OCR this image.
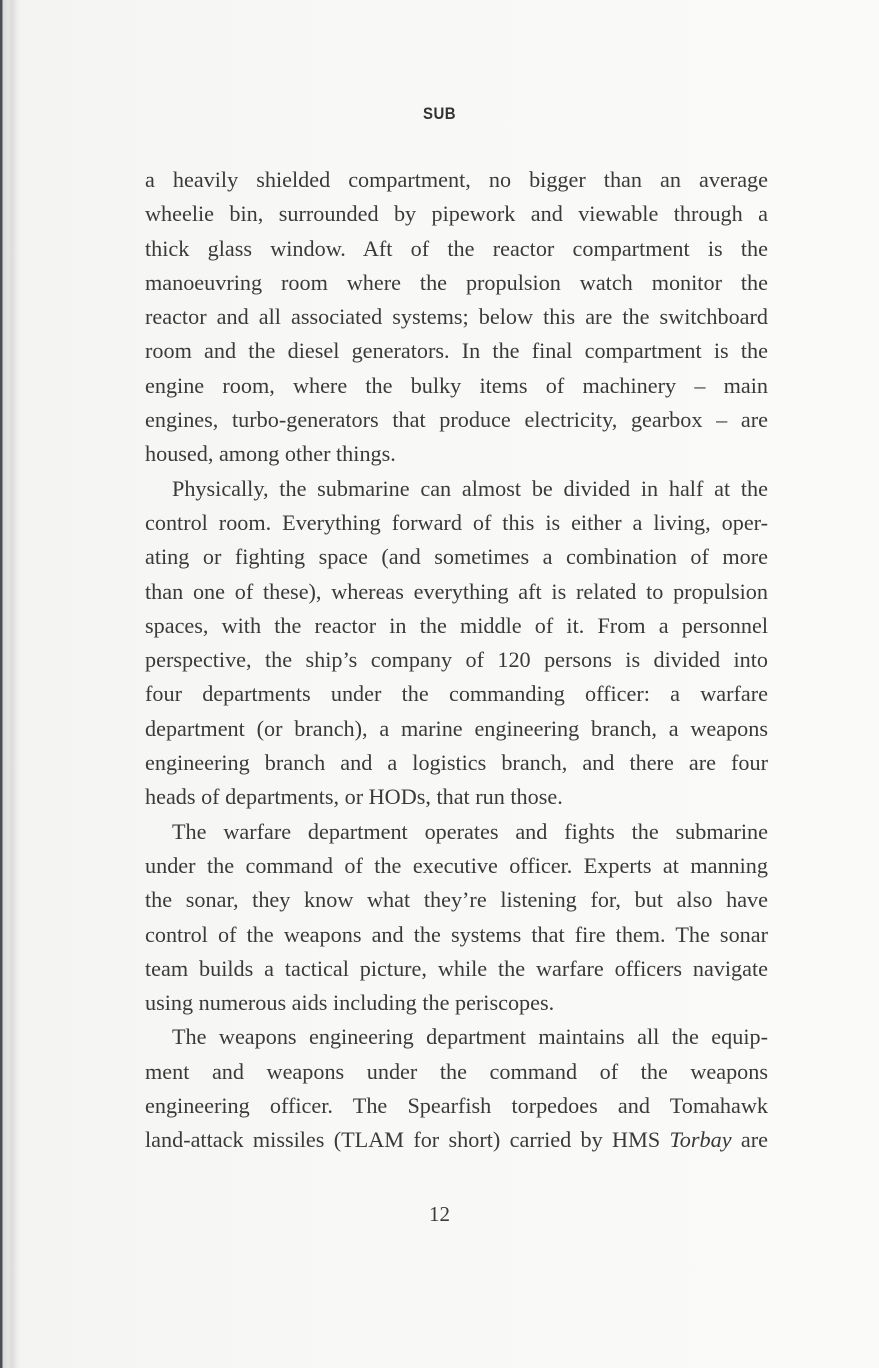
SUB
a heavily shielded compartment, no bigger than an average
wheelie bin, surrounded by pipework and viewable through a
thick glass window. Aft of the reactor compartment is the
manoeuvring room where the propulsion watch monitor the
reactor and all associated systems; below this are the switchboard
room and the diesel generators. In the final compartment is the
engine room, where the bulky items of machinery – main
engines, turbo-generators that produce electricity, gearbox – are
housed, among other things.
Physically, the submarine can almost be divided in half at the
control room. Everything forward of this is either a living, oper-
ating or fighting space (and sometimes a combination of more
than one of these), whereas everything aft is related to propulsion
spaces, with the reactor in the middle of it. From a personnel
perspective, the ship’s company of 120 persons is divided into
four departments under the commanding officer: a warfare
department (or branch), a marine engineering branch, a weapons
engineering branch and a logistics branch, and there are four
heads of departments, or HODs, that run those.
The warfare department operates and fights the submarine
under the command of the executive officer. Experts at manning
the sonar, they know what they’re listening for, but also have
control of the weapons and the systems that fire them. The sonar
team builds a tactical picture, while the warfare officers navigate
using numerous aids including the periscopes.
The weapons engineering department maintains all the equip-
ment and weapons under the command of the weapons
engineering officer. The Spearfish torpedoes and Tomahawk
land-attack missiles (TLAM for short) carried by HMS Torbay are
12
